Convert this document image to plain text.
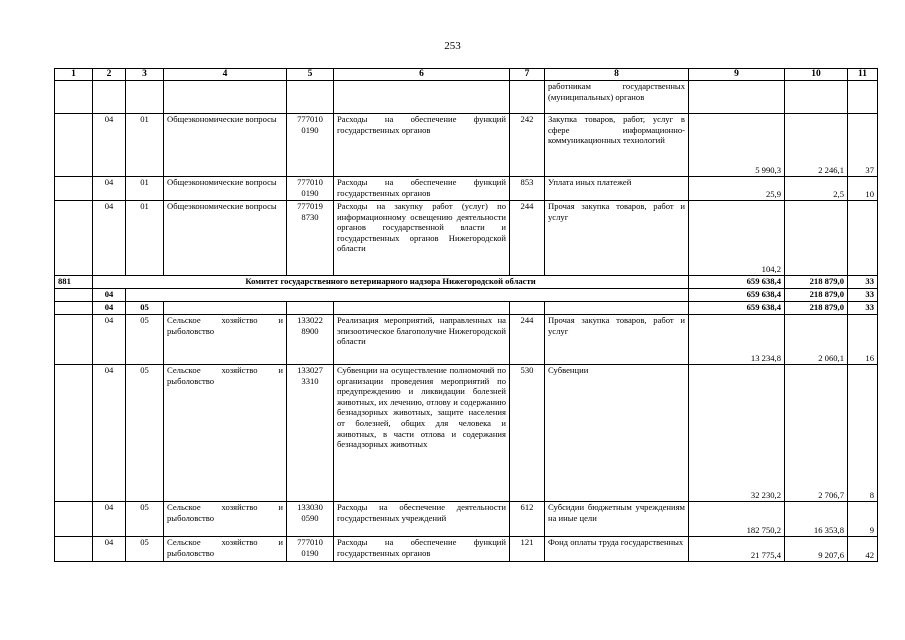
253
1	2	3	4	5	6	7	8	9	10	11
							работникам государственных (муниципальных) органов			
	04	01	Общеэкономические вопросы	777010 0190	Расходы на обеспечение функций государственных органов	242	Закупка товаров, работ, услуг в сфере информационно-коммуникационных технологий	5 990,3	2 246,1	37
	04	01	Общеэкономические вопросы	777010 0190	Расходы на обеспечение функций государственных органов	853	Уплата иных платежей	25,9	2,5	10
	04	01	Общеэкономические вопросы	777019 8730	Расходы на закупку работ (услуг) по информационному освещению деятельности органов государственной власти и государственных органов Нижегородской области	244	Прочая закупка товаров, работ и услуг	104,2		
881	Комитет государственного ветеринарного надзора Нижегородской области							659 638,4	218 879,0	33
	04							659 638,4	218 879,0	33
	04	05						659 638,4	218 879,0	33
	04	05	Сельское хозяйство и рыболовство	133022 8900	Реализация мероприятий, направленных на эпизоотическое благополучие Нижегородской области	244	Прочая закупка товаров, работ и услуг	13 234,8	2 060,1	16
	04	05	Сельское хозяйство и рыболовство	133027 3310	Субвенции на осуществление полномочий по организации проведения мероприятий по предупреждению и ликвидации болезней животных, их лечению, отлову и содержанию безнадзорных животных, защите населения от болезней, общих для человека и животных, в части отлова и содержания безнадзорных животных	530	Субвенции	32 230,2	2 706,7	8
	04	05	Сельское хозяйство и рыболовство	133030 0590	Расходы на обеспечение деятельности государственных учреждений	612	Субсидии бюджетным учреждениям на иные цели	182 750,2	16 353,8	9
	04	05	Сельское хозяйство и рыболовство	777010 0190	Расходы на обеспечение функций государственных органов	121	Фонд оплаты труда государственных	21 775,4	9 207,6	42
